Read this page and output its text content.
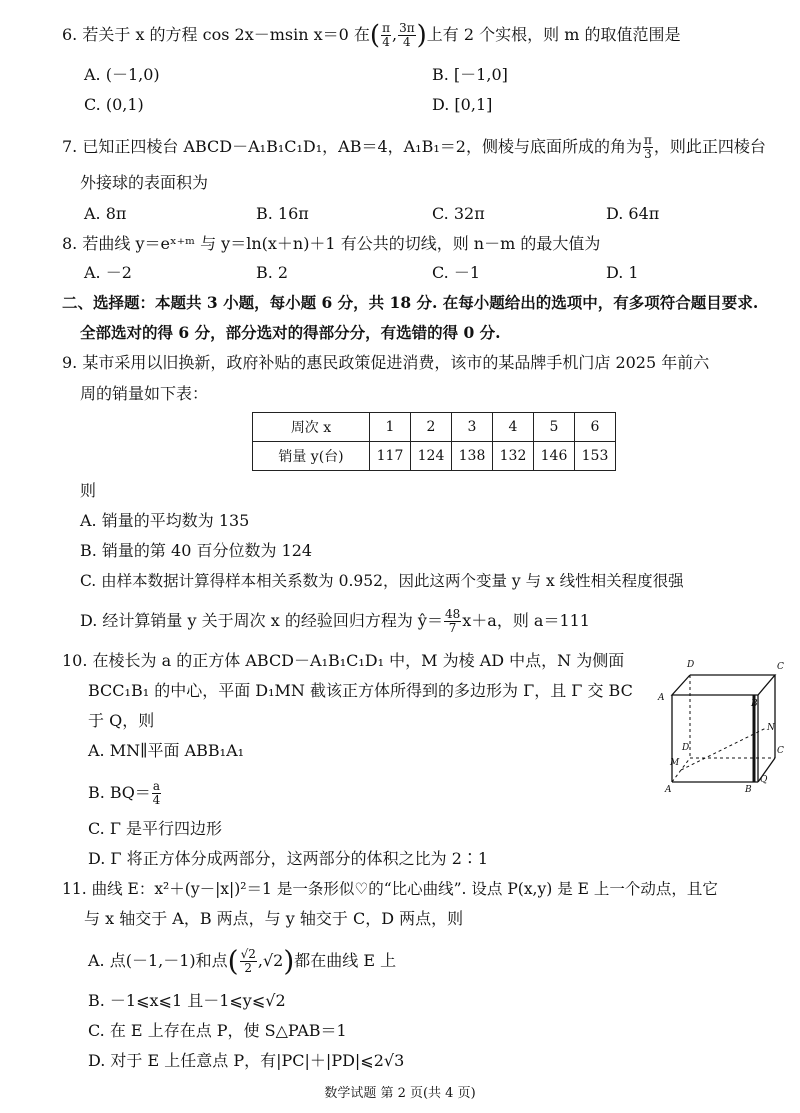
6. 若关于 x 的方程 cos 2x－msin x＝0 在( $\frac{\pi}{4}$ , $\frac{3\pi}{4}$ )上有 2 个实根，则 m 的取值范围是
A. (－1,0)	B. [－1,0]
C. (0,1)	D. [0,1]
7. 已知正四棱台 ABCD－A₁B₁C₁D₁，AB＝4，A₁B₁＝2，侧棱与底面所成的角为 $\frac{\pi}{3}$ ，则此正四棱台
外接球的表面积为
A. 8π	B. 16π	C. 32π	D. 64π
8. 若曲线 y＝eˣ⁺ᵐ 与 y＝ln(x＋n)＋1 有公共的切线，则 n－m 的最大值为
A. －2	B. 2	C. －1	D. 1
二、选择题：本题共 3 小题，每小题 6 分，共 18 分. 在每小题给出的选项中，有多项符合题目要求.
全部选对的得 6 分，部分选对的得部分分，有选错的得 0 分.
9. 某市采用以旧换新，政府补贴的惠民政策促进消费，该市的某品牌手机门店 2025 年前六
周的销量如下表：
周次 x	1	2	3	4	5	6
销量 y(台)	117	124	138	132	146	153
则
A. 销量的平均数为 135
B. 销量的第 40 百分位数为 124
C. 由样本数据计算得样本相关系数为 0.952，因此这两个变量 y 与 x 线性相关程度很强
D. 经计算销量 y 关于周次 x 的经验回归方程为 ŷ＝ $\frac{48}{7} x+a$，则 a＝111
10. 在棱长为 a 的正方体 ABCD－A₁B₁C₁D₁ 中，M 为棱 AD 中点，N 为侧面
BCC₁B₁ 的中心，平面 D₁MN 截该正方体所得到的多边形为 Γ，且 Γ 交 BC
于 Q，则
A. MN∥平面 ABB₁A₁
B. $BQ= \frac{a}{4}$
C. Γ 是平行四边形
D. Γ 将正方体分成两部分，这两部分的体积之比为 2∶1
D	C
A
B
D
M
N
A	B
Q
C
11. 曲线 E：x²＋(y－|x|)²＝1 是一条形似♡的“比心曲线”. 设点 P(x,y) 是 E 上一个动点，且它
与 x 轴交于 A，B 两点，与 y 轴交于 C，D 两点，则
A. 点(－1,－1)和点( $\frac{√2}{2} ,√2$)都在曲线 E 上
B. －1⩽x⩽1 且－1⩽y⩽√2
C. 在 E 上存在点 P，使 S△PAB＝1
D. 对于 E 上任意点 P，有|PC|＋|PD|⩽2√3
数学试题 第 2 页(共 4 页)
